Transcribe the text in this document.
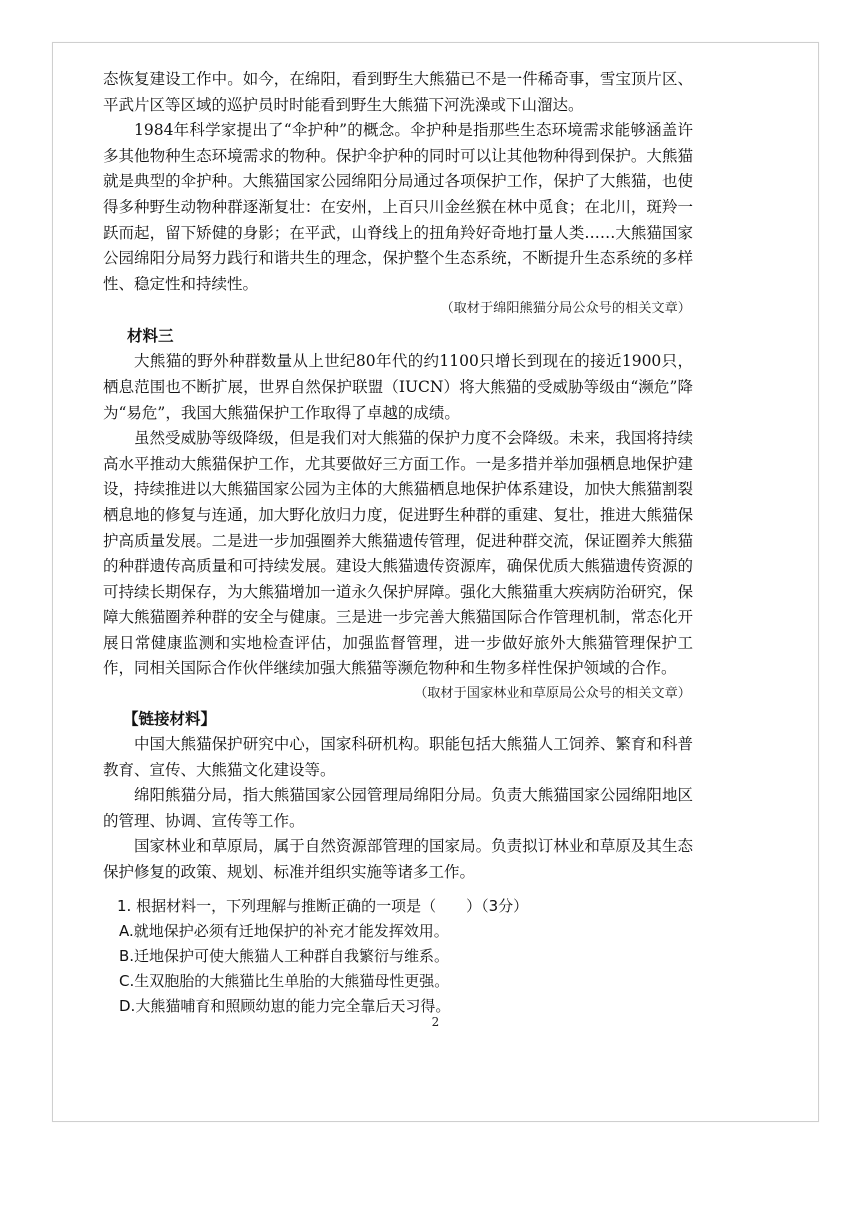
态恢复建设工作中。如今，在绵阳，看到野生大熊猫已不是一件稀奇事，雪宝顶片区、平武片区等区域的巡护员时时能看到野生大熊猫下河洗澡或下山溜达。

1984年科学家提出了“伞护种”的概念。伞护种是指那些生态环境需求能够涵盖许多其他物种生态环境需求的物种。保护伞护种的同时可以让其他物种得到保护。大熊猫就是典型的伞护种。大熊猫国家公园绵阳分局通过各项保护工作，保护了大熊猫，也使得多种野生动物种群逐渐复壮：在安州，上百只川金丝猴在林中觅食；在北川，斑羚一跃而起，留下矫健的身影；在平武，山脊线上的扭角羚好奇地打量人类……大熊猫国家公园绵阳分局努力践行和谐共生的理念，保护整个生态系统，不断提升生态系统的多样性、稳定性和持续性。

（取材于绵阳熊猫分局公众号的相关文章）

材料三

大熊猫的野外种群数量从上世纪80年代的约1100只增长到现在的接近1900只，栖息范围也不断扩展，世界自然保护联盟（IUCN）将大熊猫的受威胁等级由“濒危”降为“易危”，我国大熊猫保护工作取得了卓越的成绩。

虽然受威胁等级降级，但是我们对大熊猫的保护力度不会降级。未来，我国将持续高水平推动大熊猫保护工作，尤其要做好三方面工作。一是多措并举加强栖息地保护建设，持续推进以大熊猫国家公园为主体的大熊猫栖息地保护体系建设，加快大熊猫割裂栖息地的修复与连通，加大野化放归力度，促进野生种群的重建、复壮，推进大熊猫保护高质量发展。二是进一步加强圈养大熊猫遗传管理，促进种群交流，保证圈养大熊猫的种群遗传高质量和可持续发展。建设大熊猫遗传资源库，确保优质大熊猫遗传资源的可持续长期保存，为大熊猫增加一道永久保护屏障。强化大熊猫重大疾病防治研究，保障大熊猫圈养种群的安全与健康。三是进一步完善大熊猫国际合作管理机制，常态化开展日常健康监测和实地检查评估，加强监督管理，进一步做好旅外大熊猫管理保护工作，同相关国际合作伙伴继续加强大熊猫等濒危物种和生物多样性保护领域的合作。

（取材于国家林业和草原局公众号的相关文章）

【链接材料】

中国大熊猫保护研究中心，国家科研机构。职能包括大熊猫人工饲养、繁育和科普教育、宣传、大熊猫文化建设等。

绵阳熊猫分局，指大熊猫国家公园管理局绵阳分局。负责大熊猫国家公园绵阳地区的管理、协调、宣传等工作。

国家林业和草原局，属于自然资源部管理的国家局。负责拟订林业和草原及其生态保护修复的政策、规划、标准并组织实施等诸多工作。

1. 根据材料一，下列理解与推断正确的一项是（　　）（3分）

A.就地保护必须有迁地保护的补充才能发挥效用。

B.迁地保护可使大熊猫人工种群自我繁衍与维系。

C.生双胞胎的大熊猫比生单胎的大熊猫母性更强。

D.大熊猫哺育和照顾幼崽的能力完全靠后天习得。

2
